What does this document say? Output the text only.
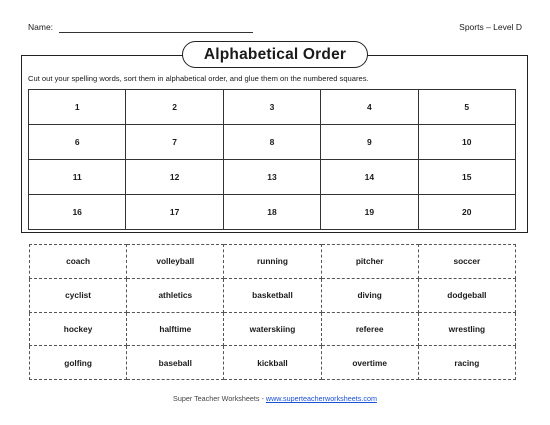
Name:	Sports – Level D
Alphabetical Order
Cut out your spelling words, sort them in alphabetical order, and glue them on the numbered squares.
1	2	3	4	5
6	7	8	9	10
11	12	13	14	15
16	17	18	19	20
coach	volleyball	running	pitcher	soccer
cyclist	athletics	basketball	diving	dodgeball
hockey	halftime	waterskiing	referee	wrestling
golfing	baseball	kickball	overtime	racing
Super Teacher Worksheets - www.superteacherworksheets.com
